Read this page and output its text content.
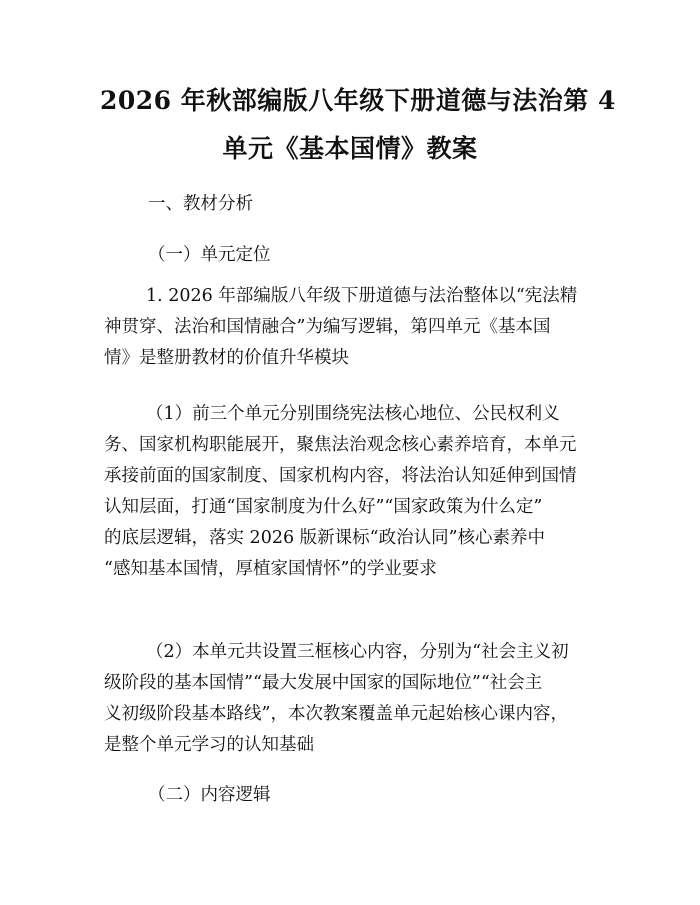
2026 年秋部编版八年级下册道德与法治第 4
单元《基本国情》教案
一、教材分析
（一）单元定位
1. 2026 年部编版八年级下册道德与法治整体以“宪法精
神贯穿、法治和国情融合”为编写逻辑，第四单元《基本国
情》是整册教材的价值升华模块
（1）前三个单元分别围绕宪法核心地位、公民权利义
务、国家机构职能展开，聚焦法治观念核心素养培育，本单元
承接前面的国家制度、国家机构内容，将法治认知延伸到国情
认知层面，打通“国家制度为什么好”“国家政策为什么定”
的底层逻辑，落实 2026 版新课标“政治认同”核心素养中
“感知基本国情，厚植家国情怀”的学业要求
（2）本单元共设置三框核心内容，分别为“社会主义初
级阶段的基本国情”“最大发展中国家的国际地位”“社会主
义初级阶段基本路线”，本次教案覆盖单元起始核心课内容，
是整个单元学习的认知基础
（二）内容逻辑
